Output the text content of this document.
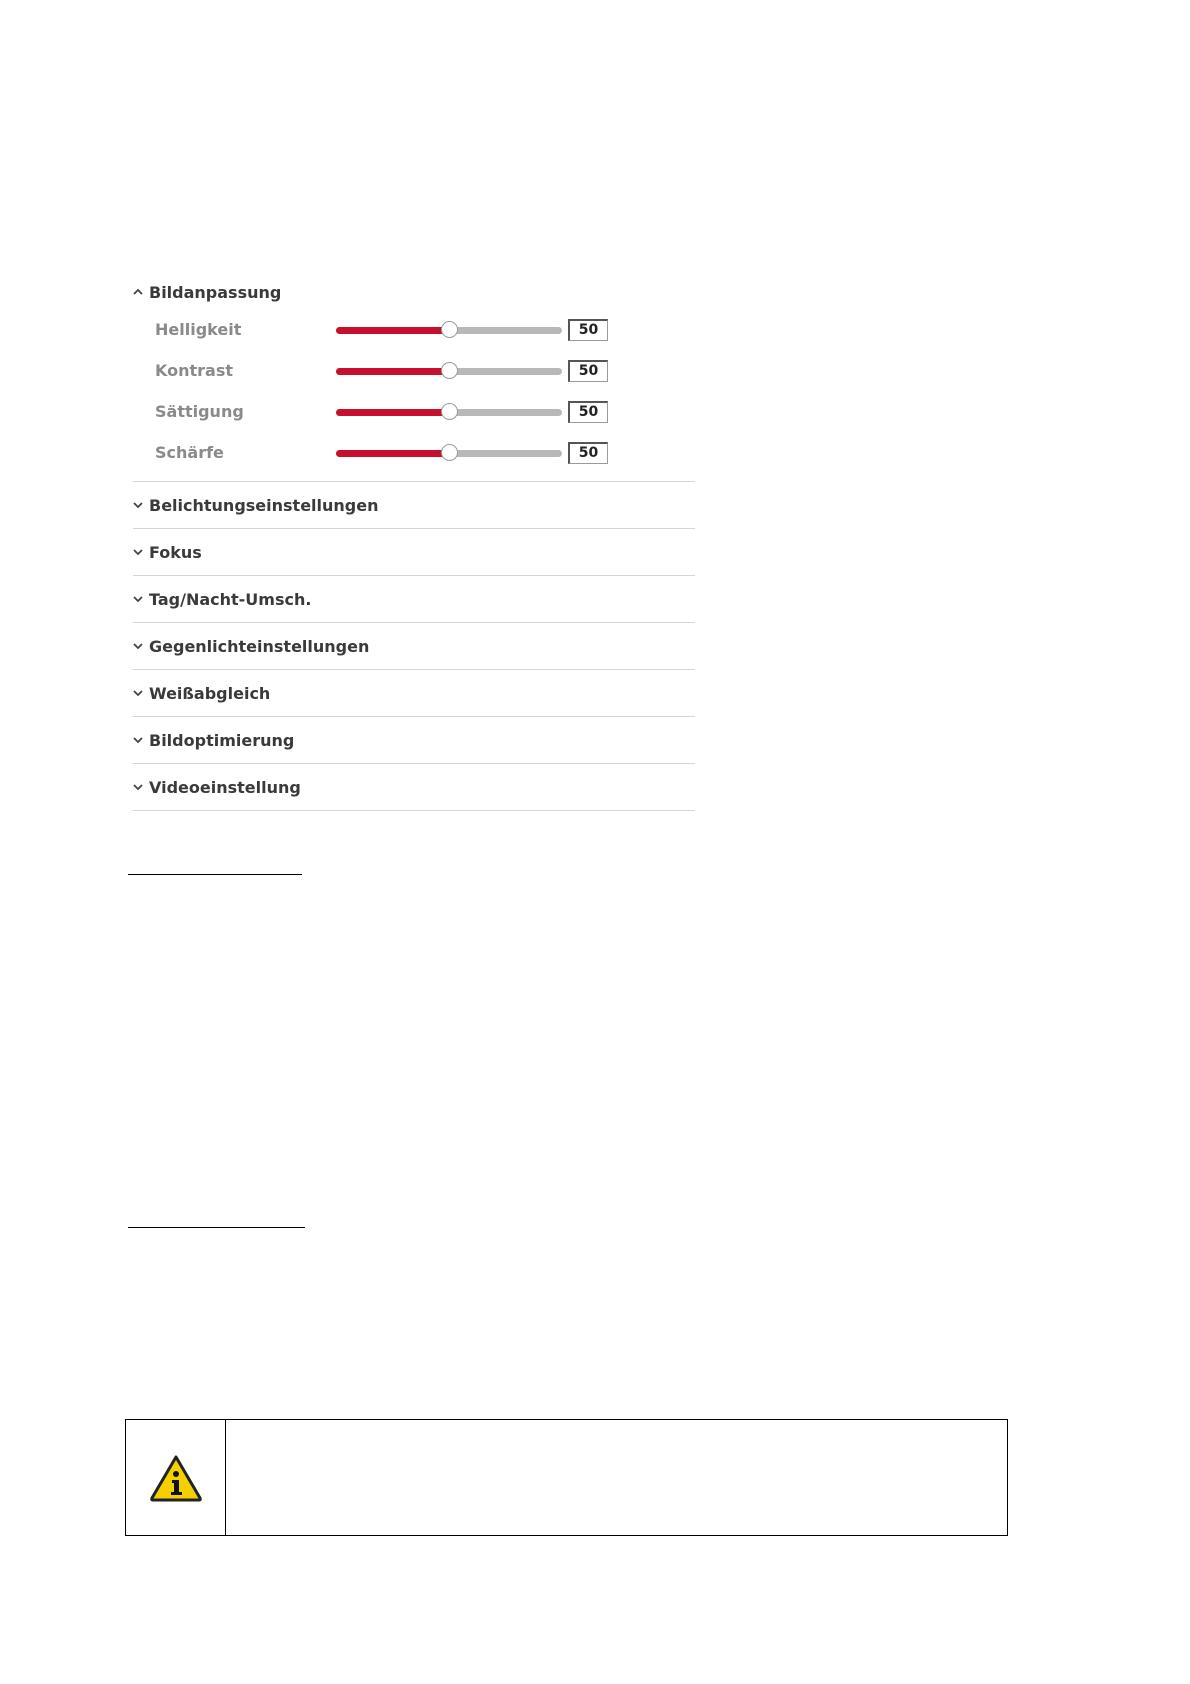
Bildanpassung
Helligkeit	50
Kontrast	50
Sättigung	50
Schärfe	50
Belichtungseinstellungen
Fokus
Tag/Nacht-Umsch.
Gegenlichteinstellungen
Weißabgleich
Bildoptimierung
Videoeinstellung
